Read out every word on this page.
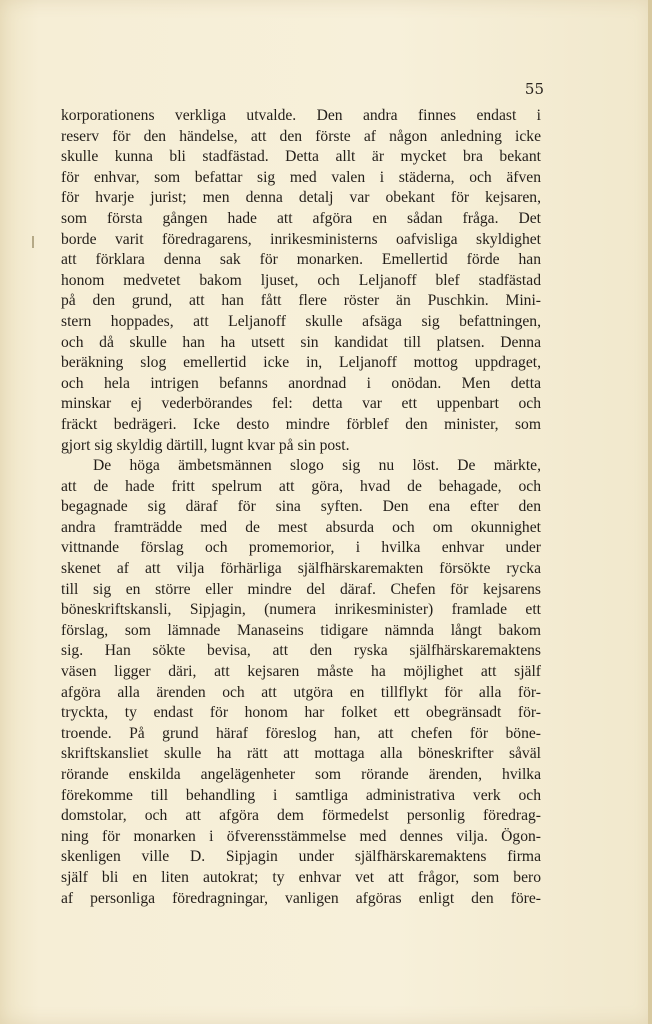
55
korporationens verkliga utvalde. Den andra finnes endast i
reserv för den händelse, att den förste af någon anledning icke
skulle kunna bli stadfästad. Detta allt är mycket bra bekant
för enhvar, som befattar sig med valen i städerna, och äfven
för hvarje jurist; men denna detalj var obekant för kejsaren,
som första gången hade att afgöra en sådan fråga. Det
borde varit föredragarens, inrikesministerns oafvisliga skyldighet
att förklara denna sak för monarken. Emellertid förde han
honom medvetet bakom ljuset, och Leljanoff blef stadfästad
på den grund, att han fått flere röster än Puschkin. Mini-
stern hoppades, att Leljanoff skulle afsäga sig befattningen,
och då skulle han ha utsett sin kandidat till platsen. Denna
beräkning slog emellertid icke in, Leljanoff mottog uppdraget,
och hela intrigen befanns anordnad i onödan. Men detta
minskar ej vederbörandes fel: detta var ett uppenbart och
fräckt bedrägeri. Icke desto mindre förblef den minister, som
gjort sig skyldig därtill, lugnt kvar på sin post.
De höga ämbetsmännen slogo sig nu löst. De märkte,
att de hade fritt spelrum att göra, hvad de behagade, och
begagnade sig däraf för sina syften. Den ena efter den
andra framträdde med de mest absurda och om okunnighet
vittnande förslag och promemorior, i hvilka enhvar under
skenet af att vilja förhärliga själfhärskaremakten försökte rycka
till sig en större eller mindre del däraf. Chefen för kejsarens
böneskriftskansli, Sipjagin, (numera inrikesminister) framlade ett
förslag, som lämnade Manaseins tidigare nämnda långt bakom
sig. Han sökte bevisa, att den ryska själfhärskaremaktens
väsen ligger däri, att kejsaren måste ha möjlighet att själf
afgöra alla ärenden och att utgöra en tillflykt för alla för-
tryckta, ty endast för honom har folket ett obegränsadt för-
troende. På grund häraf föreslog han, att chefen för böne-
skriftskansliet skulle ha rätt att mottaga alla böneskrifter såväl
rörande enskilda angelägenheter som rörande ärenden, hvilka
förekomme till behandling i samtliga administrativa verk och
domstolar, och att afgöra dem förmedelst personlig föredrag-
ning för monarken i öfverensstämmelse med dennes vilja. Ögon-
skenligen ville D. Sipjagin under själfhärskaremaktens firma
själf bli en liten autokrat; ty enhvar vet att frågor, som bero
af personliga föredragningar, vanligen afgöras enligt den före-
